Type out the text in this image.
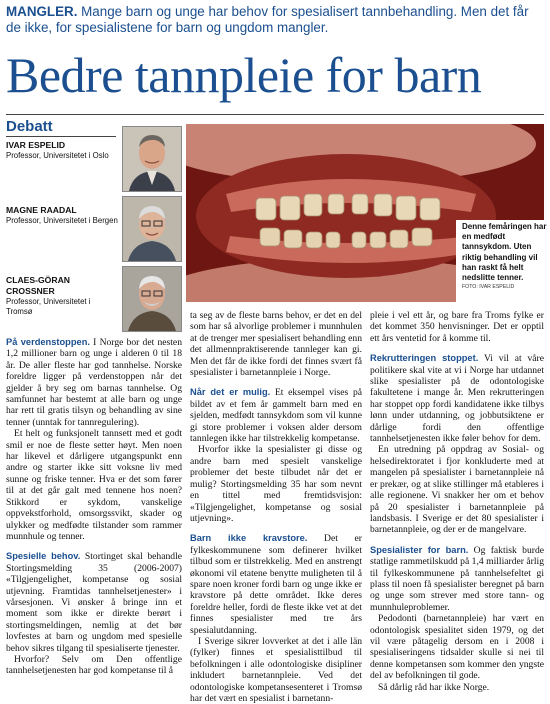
MANGLER. Mange barn og unge har behov for spesialisert tannbehandling. Men det får de ikke, for spesialistene for barn og ungdom mangler.
Bedre tannpleie for barn
Debatt
IVAR ESPELID
Professor, Universitetet i Oslo
MAGNE RAADAL
Professor, Universitetet i Bergen
CLAES-GÖRAN CROSSNER
Professor, Universitetet i Tromsø
Denne femåringen har en medfødt tannsykdom. Uten riktig behandling vil han raskt få helt nedslitte tenner.
FOTO: IVAR ESPELID

På verdenstoppen. I Norge bor det nesten 1,2 millioner barn og unge i alderen 0 til 18 år. De aller fleste har god tannhelse. Norske foreldre ligger på verdenstoppen når det gjelder å bry seg om barnas tannhelse. Og samfunnet har bestemt at alle barn og unge har rett til gratis tilsyn og behandling av sine tenner (unntak for tannregulering).

Et helt og funksjonelt tannsett med et godt smil er noe de fleste setter høyt. Men noen har likevel et dårligere utgangspunkt enn andre og starter ikke sitt voksne liv med sunne og friske tenner. Hva er det som fører til at det går galt med tennene hos noen? Stikkord er sykdom, vanskelige oppvekstforhold, omsorgssvikt, skader og ulykker og medfødte tilstander som rammer munnhule og tenner.

Spesielle behov. Stortinget skal behandle Stortingsmelding 35 (2006-2007) «Tilgjengelighet, kompetanse og sosial utjevning. Framtidas tannhelsetjenester» i vårsesjonen. Vi ønsker å bringe inn et moment som ikke er direkte berørt i stortingsmeldingen, nemlig at det bør lovfestes at barn og ungdom med spesielle behov sikres tilgang til spesialiserte tjenester.

Hvorfor? Selv om Den offentlige tannhelsetjenesten har god kompetanse til å

ta seg av de fleste barns behov, er det en del som har så alvorlige problemer i munnhulen at de trenger mer spesialisert behandling enn det allmennpraktiserende tannleger kan gi. Men det får de ikke fordi det finnes svært få spesialister i barnetannpleie i Norge.

Når det er mulig. Et eksempel vises på bildet av et fem år gammelt barn med en sjelden, medfødt tannsykdom som vil kunne gi store problemer i voksen alder dersom tannlegen ikke har tilstrekkelig kompetanse.

Hvorfor ikke la spesialister gi disse og andre barn med spesielt vanskelige problemer det beste tilbudet når det er mulig? Stortingsmelding 35 har som nevnt en tittel med fremtidsvisjon: «Tilgjengelighet, kompetanse og sosial utjevning».

Barn ikke kravstore. Det er fylkeskommunene som definerer hvilket tilbud som er tilstrekkelig. Med en anstrengt økonomi vil etatene benytte muligheten til å spare noen kroner fordi barn og unge ikke er kravstore på dette området. Ikke deres foreldre heller, fordi de fleste ikke vet at det finnes spesialister med tre års spesialutdanning.

I Sverige sikrer lovverket at det i alle län (fylker) finnes et spesialisttilbud til befolkningen i alle odontologiske disipliner inkludert barnetannpleie. Ved det odontologiske kompetansesenteret i Tromsø har det vært en spesialist i barnetann-

pleie i vel ett år, og bare fra Troms fylke er det kommet 350 henvisninger. Det er opptil ett års ventetid for å komme til.

Rekrutteringen stoppet. Vi vil at våre politikere skal vite at vi i Norge har utdannet slike spesialister på de odontologiske fakultetene i mange år. Men rekrutteringen har stoppet opp fordi kandidatene ikke tilbys lønn under utdanning, og jobbutsiktene er dårlige fordi den offentlige tannhelsetjenesten ikke føler behov for dem.

En utredning på oppdrag av Sosial- og helsedirektoratet i fjor konkluderte med at mangelen på spesialister i barnetannpleie nå er prekær, og at slike stillinger må etableres i alle regionene. Vi snakker her om et behov på 20 spesialister i barnetannpleie på landsbasis. I Sverige er det 80 spesialister i barnetannpleie, og der er de mangelvare.

Spesialister for barn. Og faktisk burde statlige rammetilskudd på 1,4 milliarder årlig til fylkeskommunene på tannhelsefeltet gi plass til noen få spesialister beregnet på barn og unge som strever med store tann- og munnhuleproblemer.

Pedodonti (barnetannpleie) har vært en odontologisk spesialitet siden 1979, og det vil være påtagelig dersom en i 2008 i spesialiseringens tidsalder skulle si nei til denne kompetansen som kommer den yngste del av befolkningen til gode.

Så dårlig råd har ikke Norge.
